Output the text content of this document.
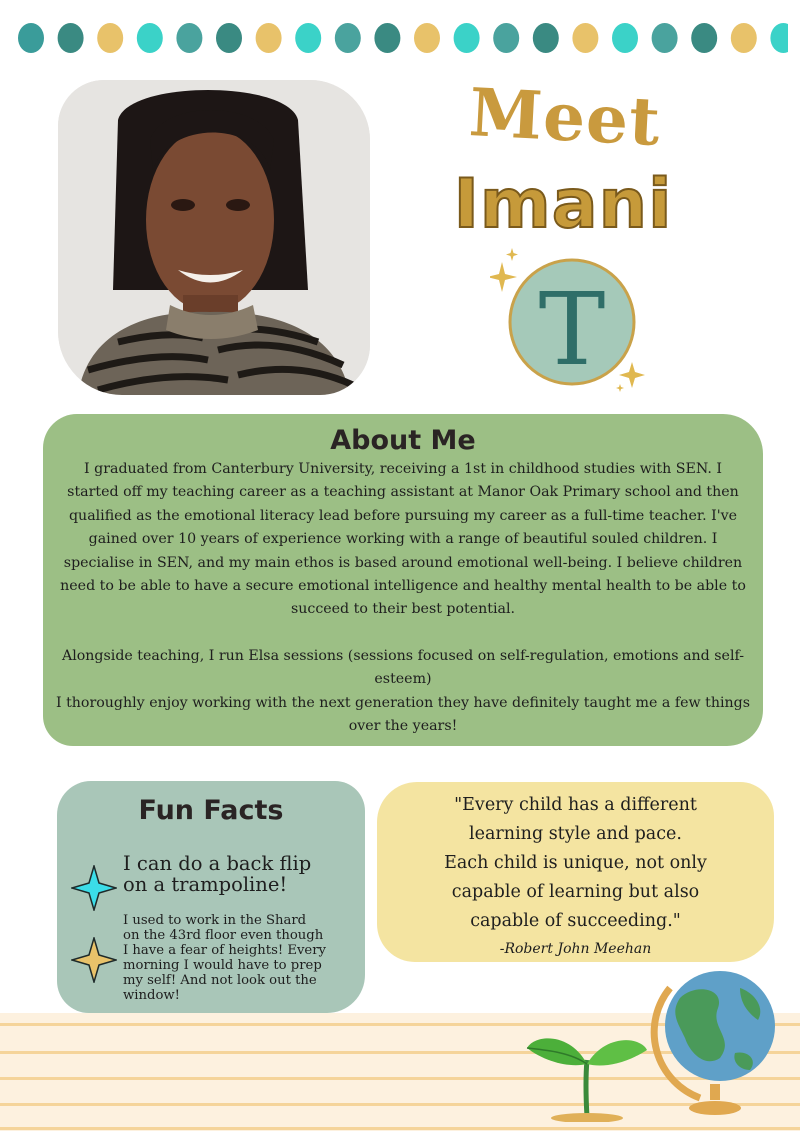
Meet
Imani
T
About Me

I graduated from Canterbury University, receiving a 1st in childhood studies with SEN. I
started off my teaching career as a teaching assistant at Manor Oak Primary school and then
qualified as the emotional literacy lead before pursuing my career as a full-time teacher. I've
gained over 10 years of experience working with a range of beautiful souled children. I
specialise in SEN, and my main ethos is based around emotional well-being. I believe children
need to be able to have a secure emotional intelligence and healthy mental health to be able to
succeed to their best potential.

Alongside teaching, I run Elsa sessions (sessions focused on self-regulation, emotions and self-
esteem)
I thoroughly enjoy working with the next generation they have definitely taught me a few things
over the years!

Fun Facts
I can do a back flip
on a trampoline!
I used to work in the Shard
on the 43rd floor even though
I have a fear of heights! Every
morning I would have to prep
my self! And not look out the
window!
"Every child has a different
learning style and pace.
Each child is unique, not only
capable of learning but also
capable of succeeding."
-Robert John Meehan
